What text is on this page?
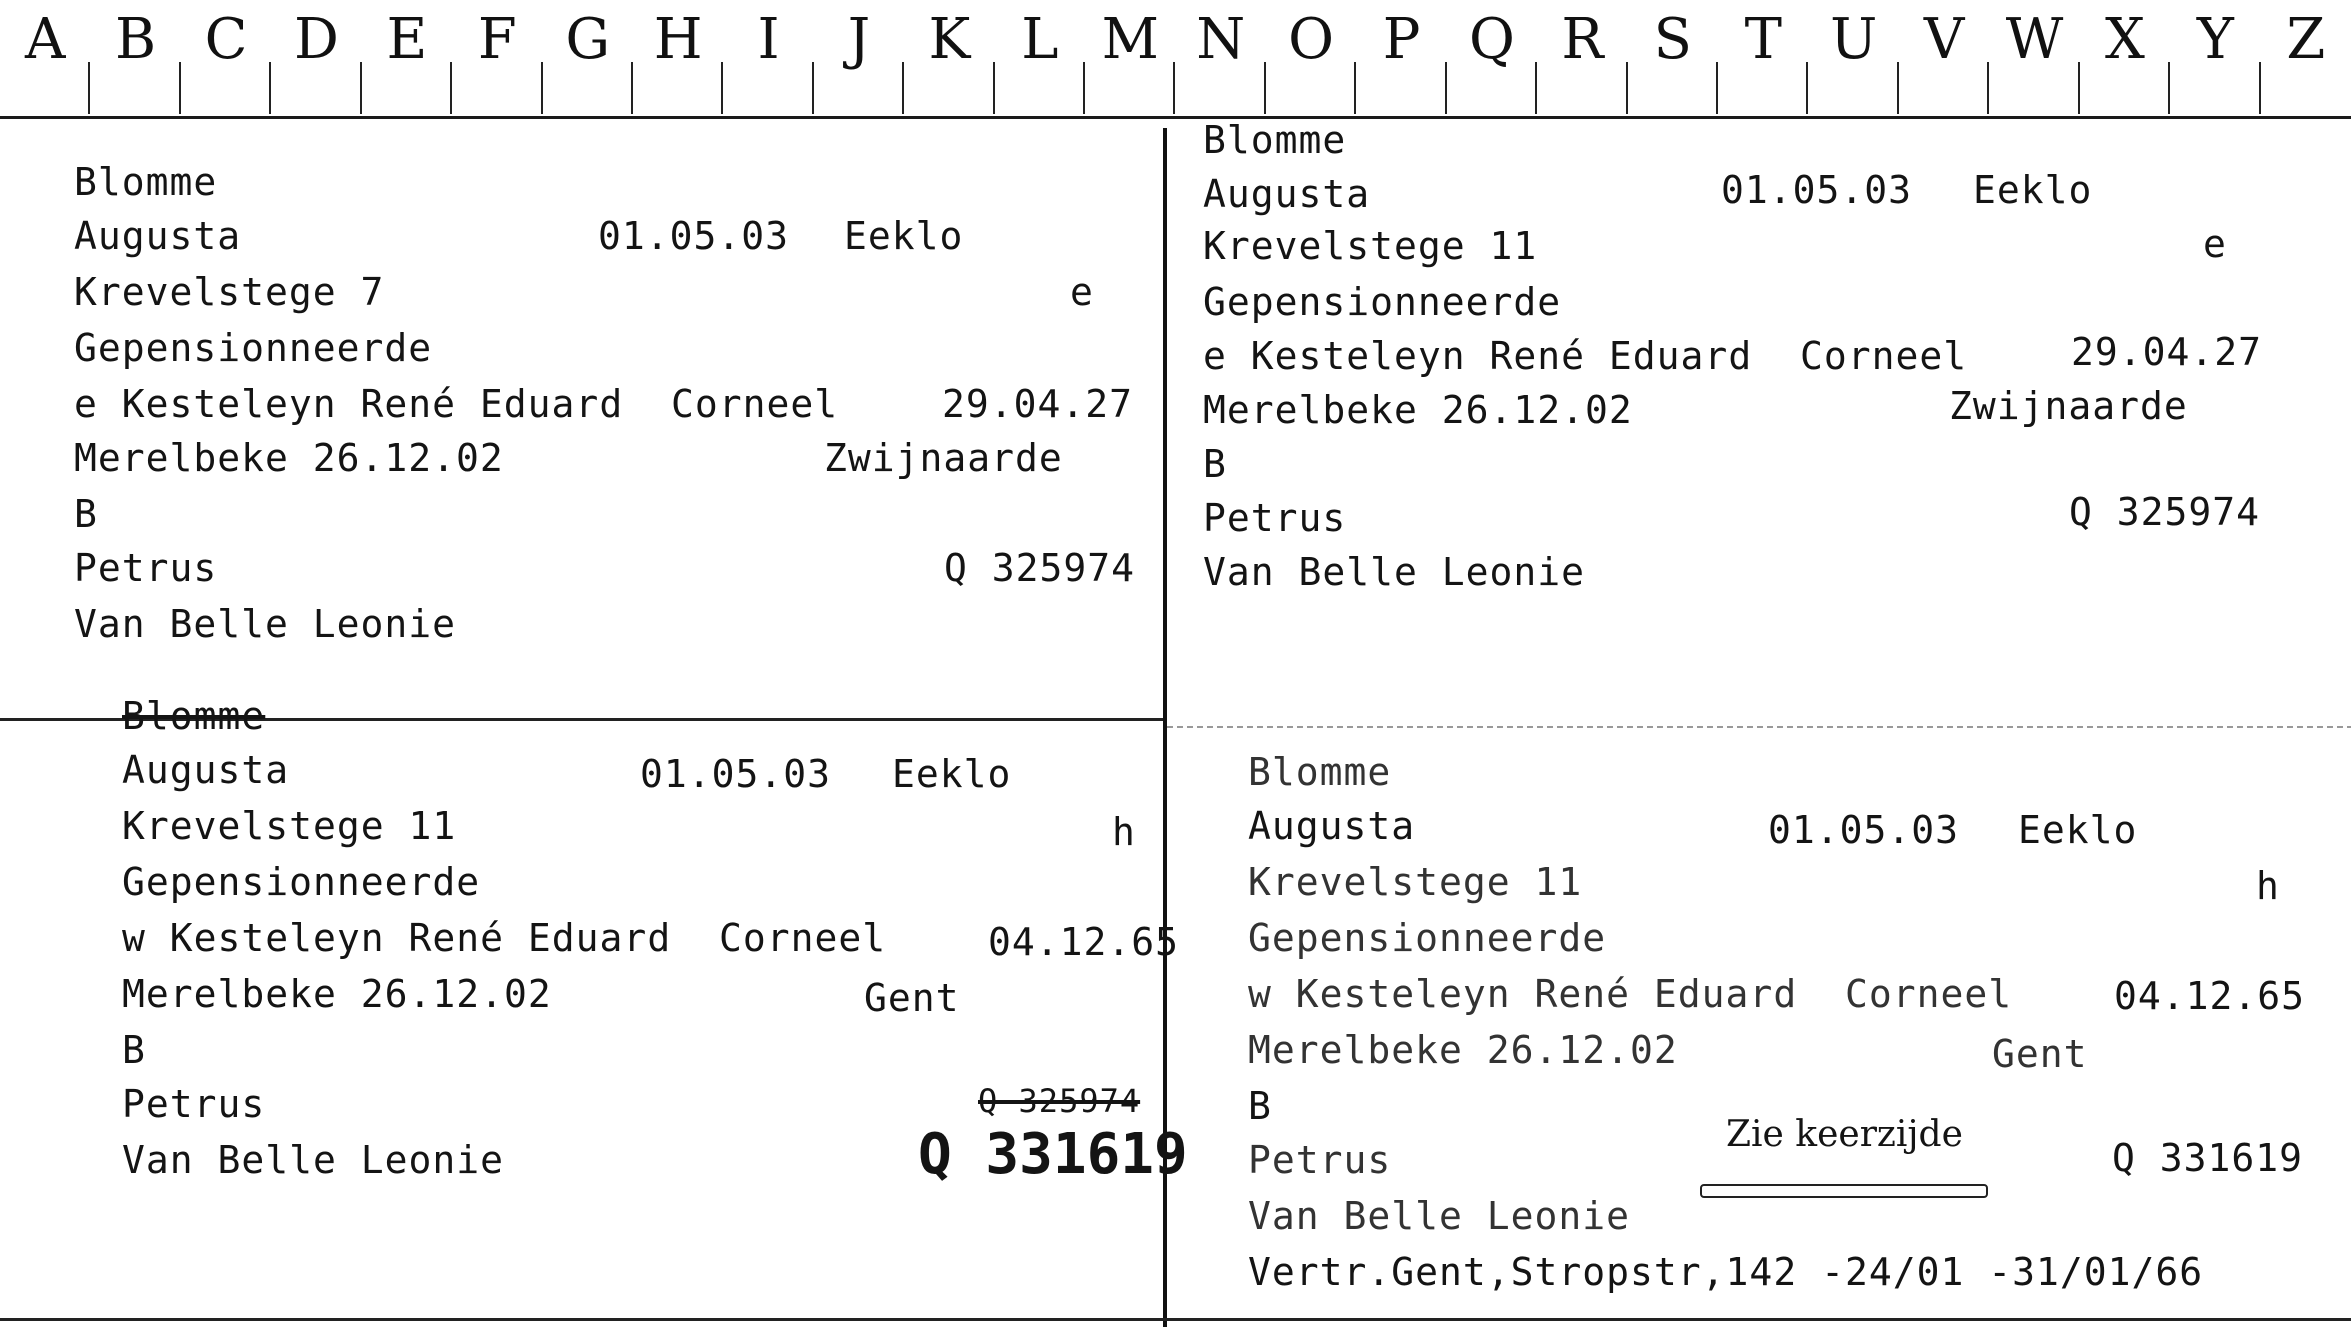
A B C D E F G H I	J	K L M N O P Q R S T U V W X Y Z
Blomme
Augusta	01.05.03 Eeklo
Krevelstege 7	e
Gepensionneerde
e Kesteleyn René Eduard  Corneel	29.04.27
Merelbeke 26.12.02	Zwijnaarde
B
Petrus	Q 325974
Van Belle Leonie
Blomme
Augusta	01.05.03 Eeklo
Krevelstege 11	e
Gepensionneerde
e Kesteleyn René Eduard  Corneel	29.04.27
Merelbeke 26.12.02	Zwijnaarde
B
Petrus	Q 325974
Van Belle Leonie
Blomme
Augusta	01.05.03 Eeklo
Krevelstege 11	h
Gepensionneerde
w Kesteleyn René Eduard  Corneel	04.12.65
Merelbeke 26.12.02	Gent
B
Petrus	Q 325974
Van Belle Leonie	Q 331619
Blomme
Augusta	01.05.03 Eeklo
Krevelstege 11	h
Gepensionneerde
w Kesteleyn René Eduard  Corneel	04.12.65
Merelbeke 26.12.02	Gent
B
Petrus
Zie keerzijde
Q 331619
Van Belle Leonie
Vertr.Gent,Stropstr,142 -24/01 -31/01/66
